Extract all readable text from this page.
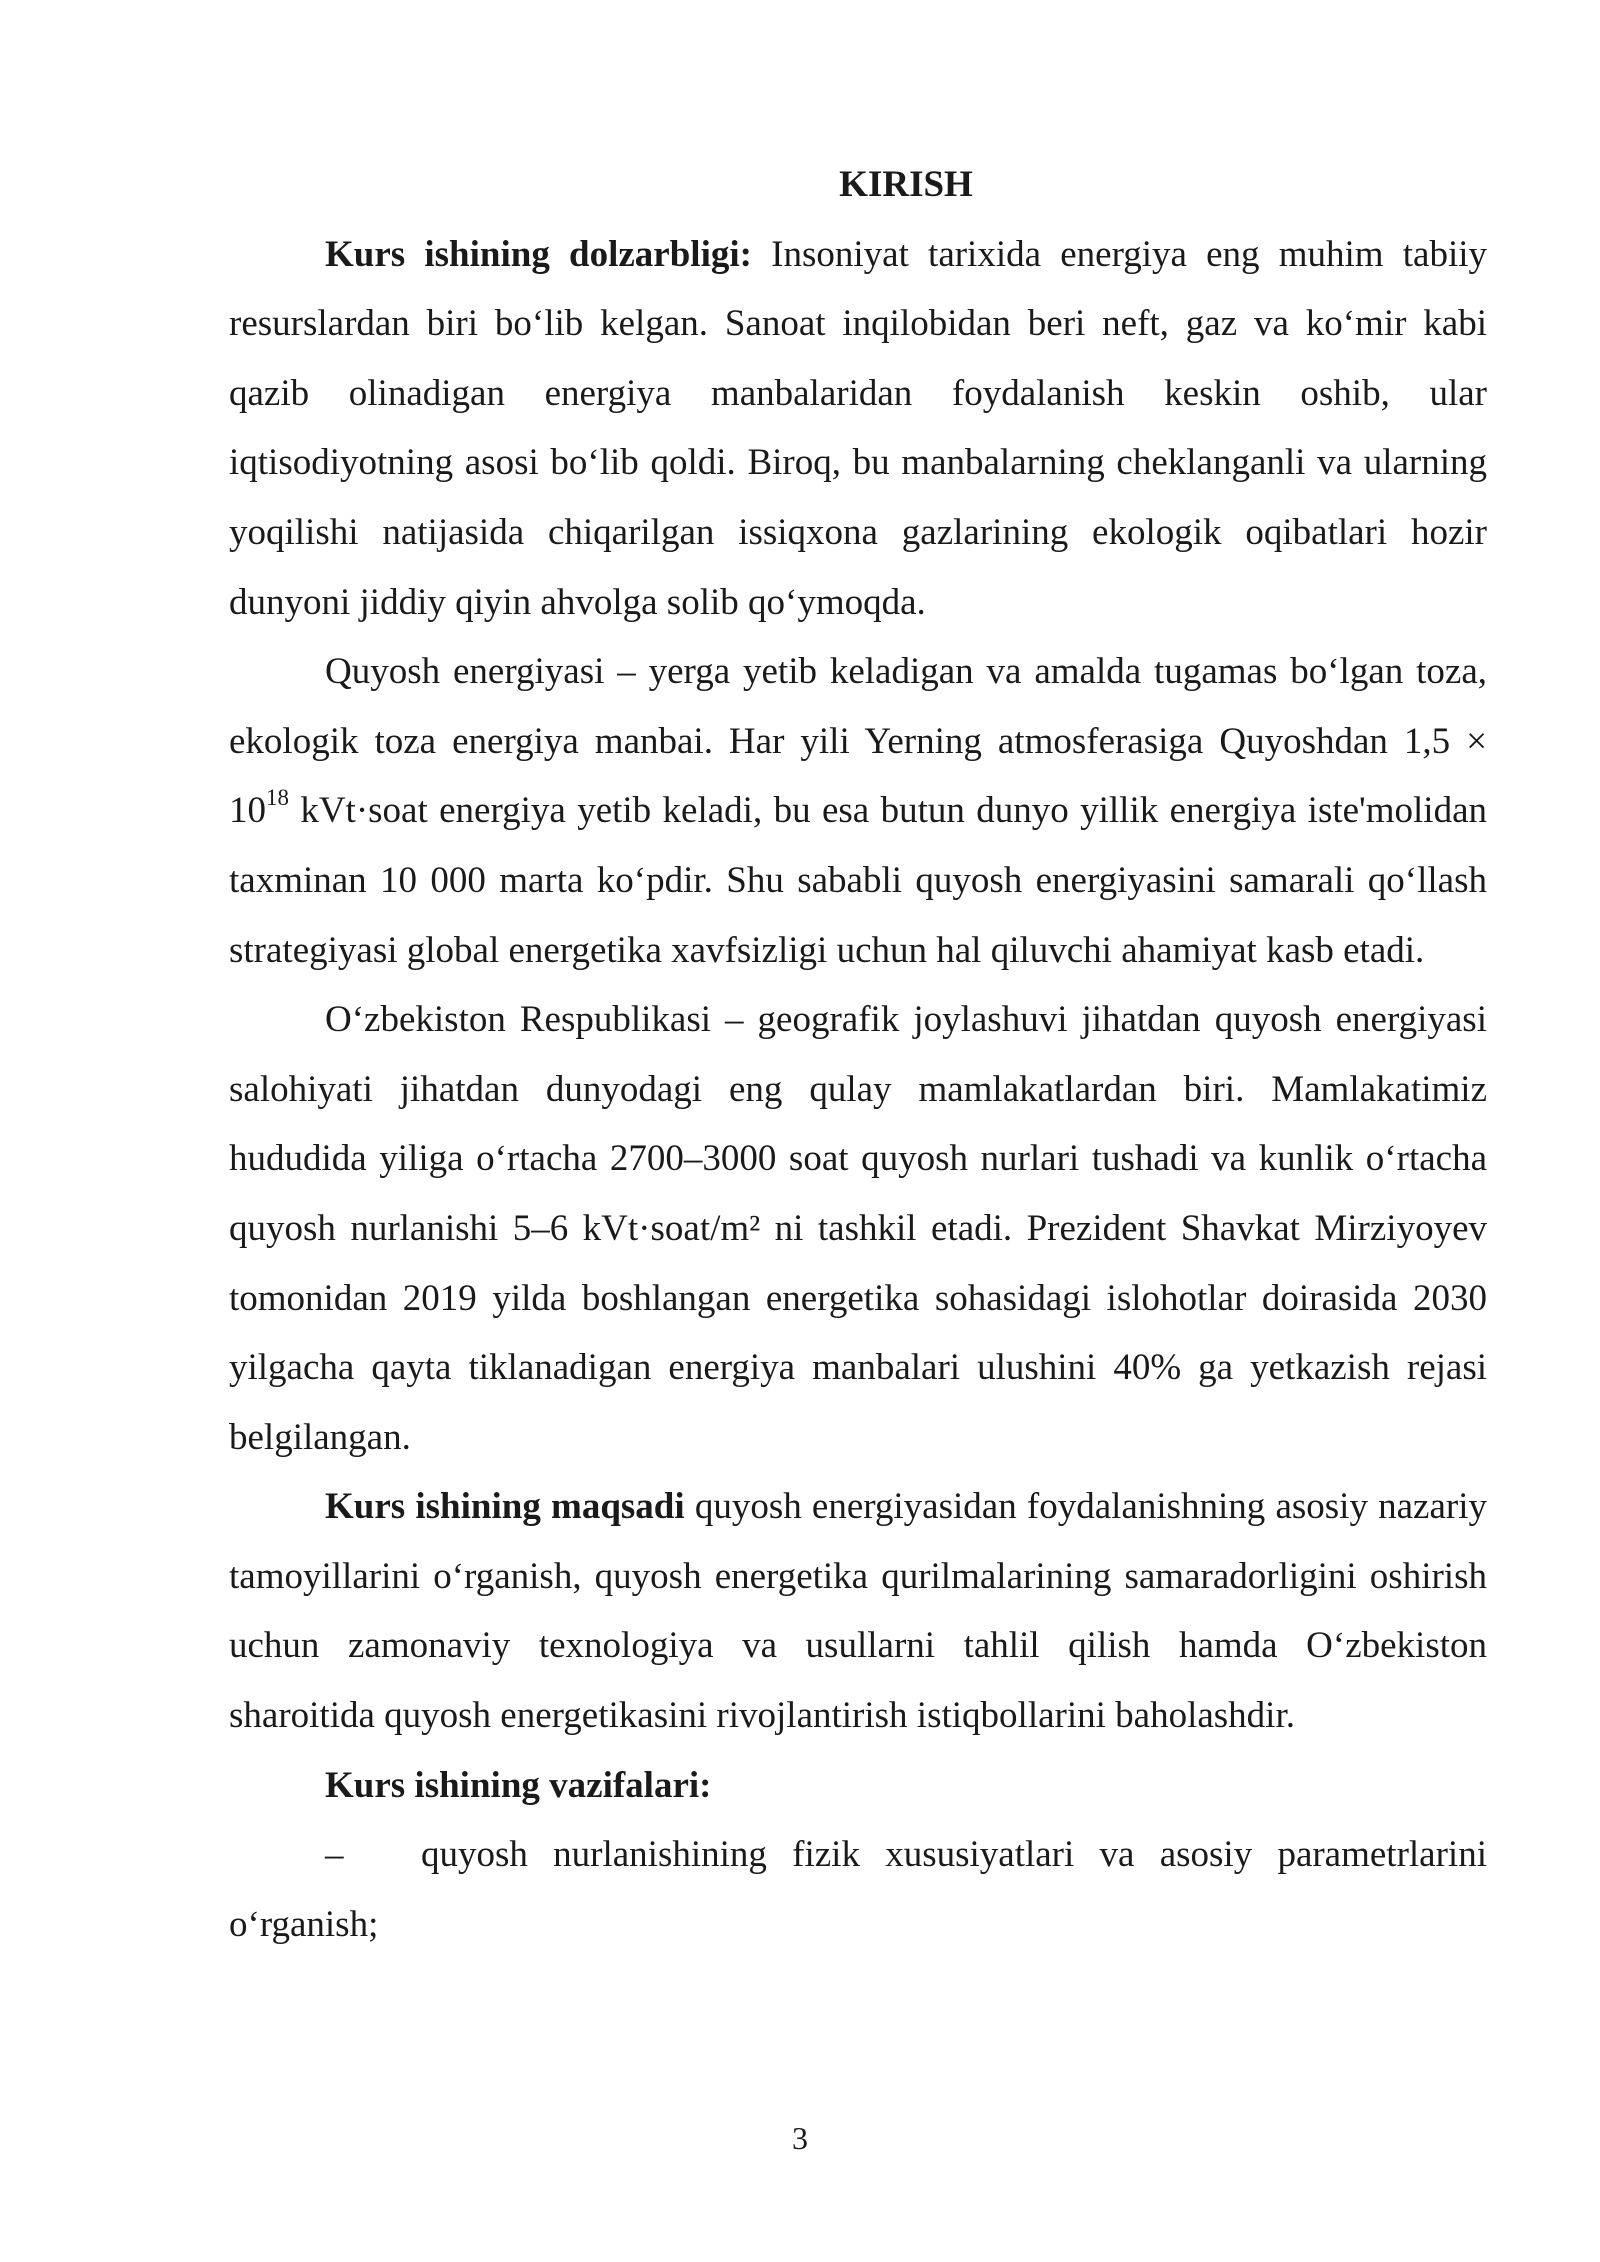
KIRISH

Kurs ishining dolzarbligi: Insoniyat tarixida energiya eng muhim tabiiy resurslardan biri bo‘lib kelgan. Sanoat inqilobidan beri neft, gaz va ko‘mir kabi qazib olinadigan energiya manbalaridan foydalanish keskin oshib, ular iqtisodiyotning asosi bo‘lib qoldi. Biroq, bu manbalarning cheklanganli va ularning yoqilishi natijasida chiqarilgan issiqxona gazlarining ekologik oqibatlari hozir dunyoni jiddiy qiyin ahvolga solib qo‘ymoqda.

Quyosh energiyasi – yerga yetib keladigan va amalda tugamas bo‘lgan toza, ekologik toza energiya manbai. Har yili Yerning atmosferasiga Quyoshdan $1,5 \times 10^{18}$ kVt·soat energiya yetib keladi, bu esa butun dunyo yillik energiya iste'molidan taxminan 10 000 marta ko‘pdir. Shu sababli quyosh energiyasini samarali qo‘llash strategiyasi global energetika xavfsizligi uchun hal qiluvchi ahamiyat kasb etadi.

O‘zbekiston Respublikasi – geografik joylashuvi jihatdan quyosh energiyasi salohiyati jihatdan dunyodagi eng qulay mamlakatlardan biri. Mamlakatimiz hududida yiliga o‘rtacha 2700–3000 soat quyosh nurlari tushadi va kunlik o‘rtacha quyosh nurlanishi 5–6 kVt·soat/m² ni tashkil etadi. Prezident Shavkat Mirziyoyev tomonidan 2019 yilda boshlangan energetika sohasidagi islohotlar doirasida 2030 yilgacha qayta tiklanadigan energiya manbalari ulushini 40% ga yetkazish rejasi belgilangan.

Kurs ishining maqsadi quyosh energiyasidan foydalanishning asosiy nazariy tamoyillarini o‘rganish, quyosh energetika qurilmalarining samaradorligini oshirish uchun zamonaviy texnologiya va usullarni tahlil qilish hamda O‘zbekiston sharoitida quyosh energetikasini rivojlantirish istiqbollarini baholashdir.

Kurs ishining vazifalari:

– quyosh nurlanishining fizik xususiyatlari va asosiy parametrlarini o‘rganish;

3
